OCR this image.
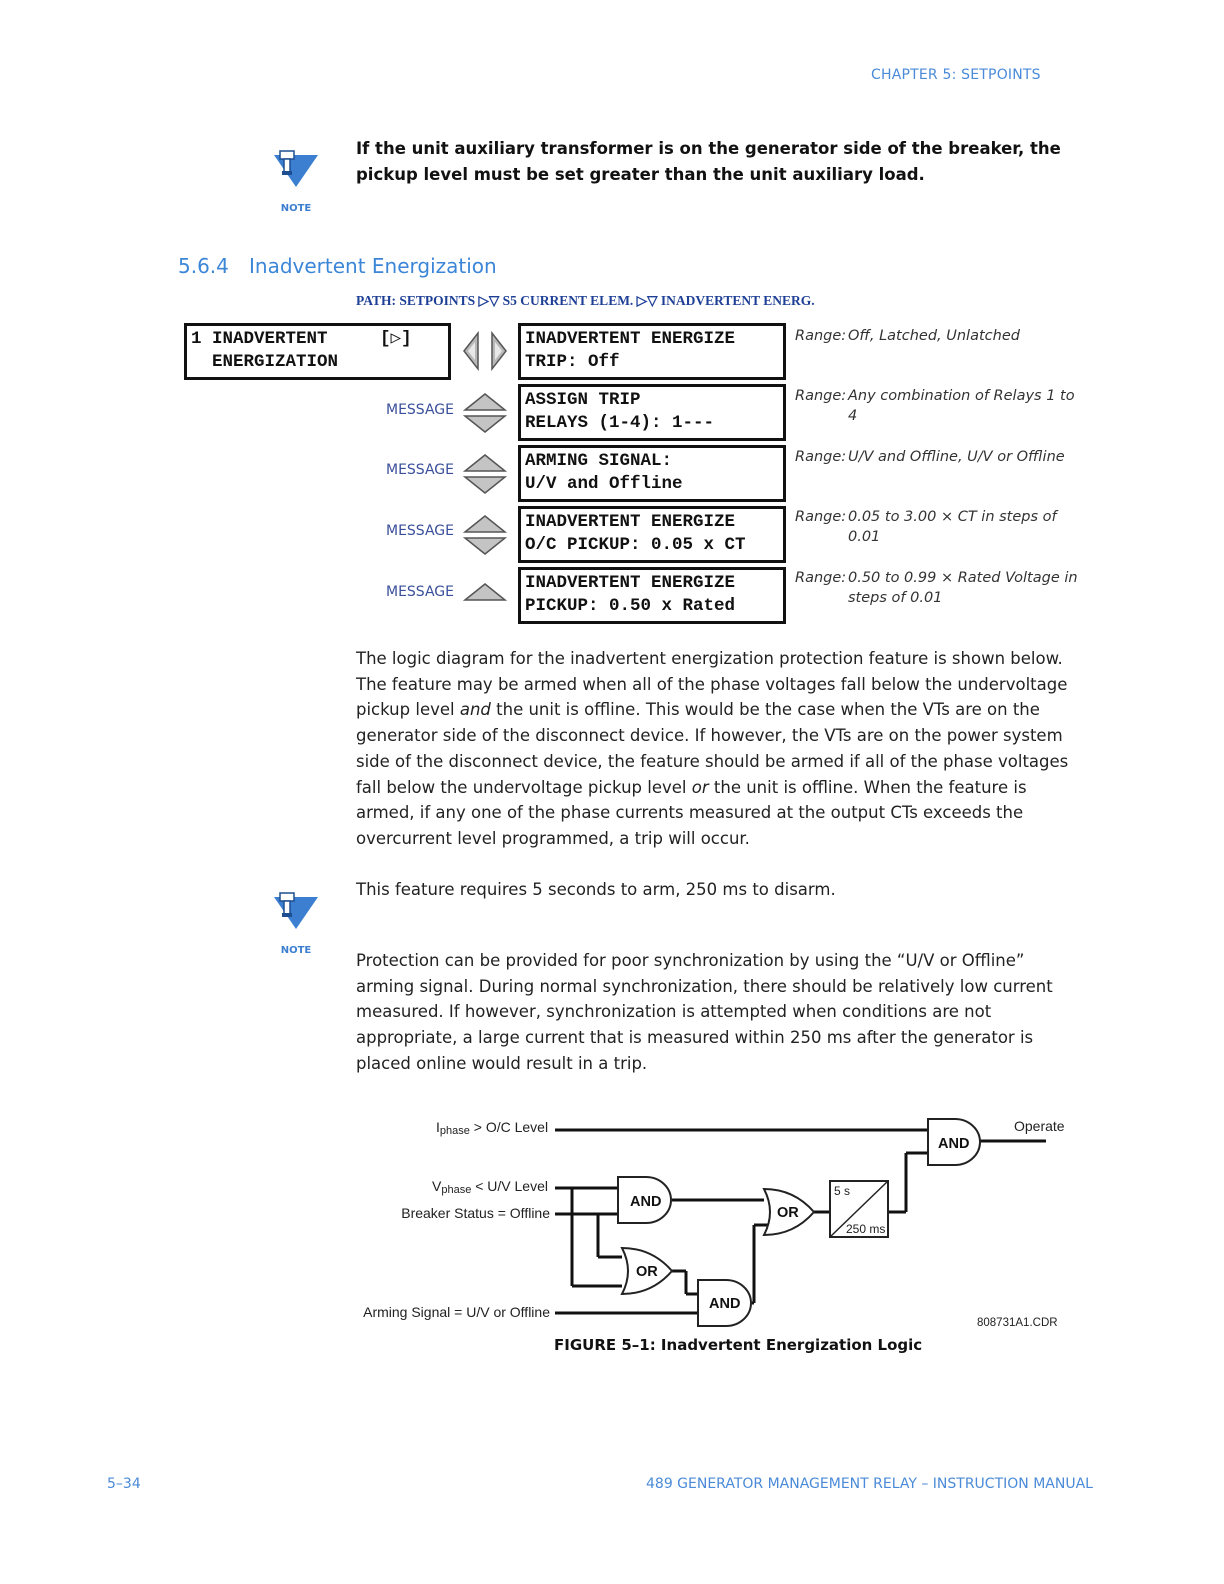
CHAPTER 5: SETPOINTS
NOTE
If the unit auxiliary transformer is on the generator side of the breaker, the pickup level must be set greater than the unit auxiliary load.
5.6.4 Inadvertent Energization
PATH: SETPOINTS ▷▽ S5 CURRENT ELEM. ▷▽ INADVERTENT ENERG.
1 INADVERTENT     [▷]
ENERGIZATION
INADVERTENT ENERGIZE
TRIP: Off
ASSIGN TRIP
RELAYS (1-4): 1---
ARMING SIGNAL:
U/V and Offline
INADVERTENT ENERGIZE
O/C PICKUP: 0.05 x CT
INADVERTENT ENERGIZE
PICKUP: 0.50 x Rated
MESSAGE
MESSAGE
MESSAGE
MESSAGE
Range: Off, Latched, Unlatched
Range: Any combination of Relays 1 to 4
Range: U/V and Offline, U/V or Offline
Range: 0.05 to 3.00 × CT in steps of 0.01
Range: 0.50 to 0.99 × Rated Voltage in steps of 0.01
The logic diagram for the inadvertent energization protection feature is shown below. The feature may be armed when all of the phase voltages fall below the undervoltage pickup level and the unit is offline. This would be the case when the VTs are on the generator side of the disconnect device. If however, the VTs are on the power system side of the disconnect device, the feature should be armed if all of the phase voltages fall below the undervoltage pickup level or the unit is offline. When the feature is armed, if any one of the phase currents measured at the output CTs exceeds the overcurrent level programmed, a trip will occur.
NOTE
This feature requires 5 seconds to arm, 250 ms to disarm.
Protection can be provided for poor synchronization by using the “U/V or Offline” arming signal. During normal synchronization, there should be relatively low current measured. If however, synchronization is attempted when conditions are not appropriate, a large current that is measured within 250 ms after the generator is placed online would result in a trip.
AND
AND
OR
OR
AND
5 s
250 ms
Iphase > O/C Level
Vphase < U/V Level
Breaker Status = Offline
Arming Signal = U/V or Offline
Operate
808731A1.CDR
FIGURE 5–1: Inadvertent Energization Logic
5–34	489 GENERATOR MANAGEMENT RELAY – INSTRUCTION MANUAL
